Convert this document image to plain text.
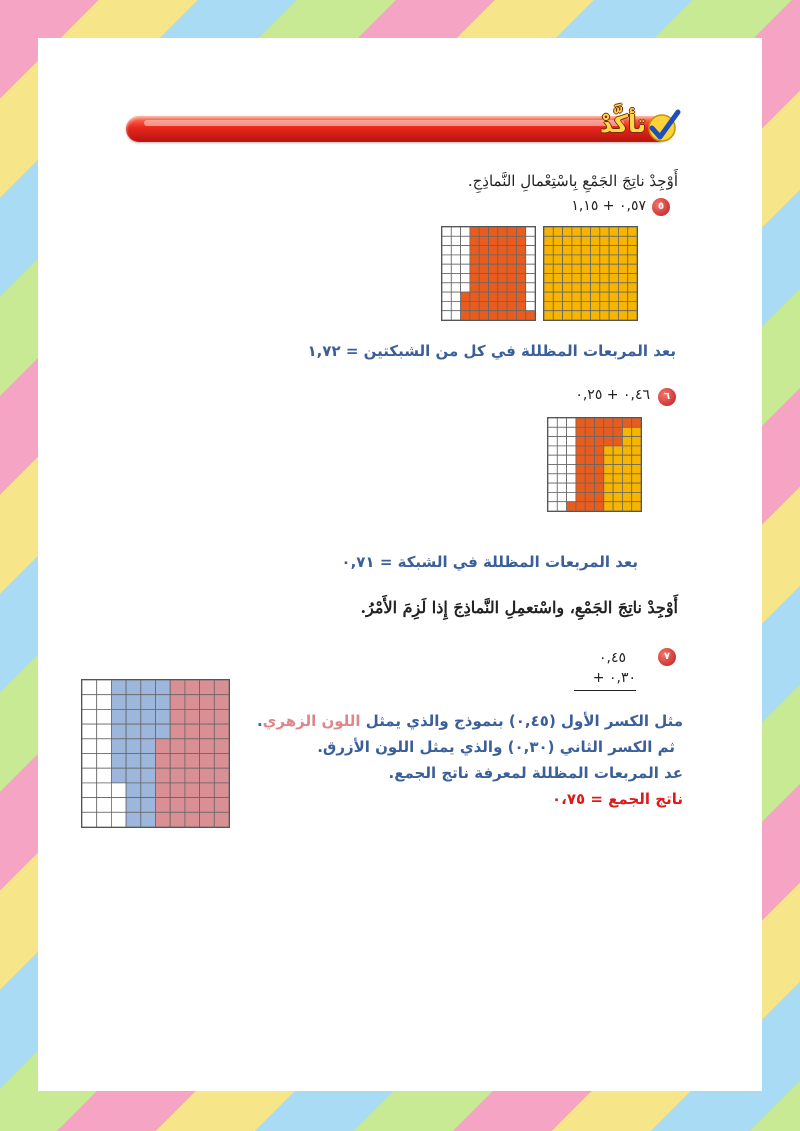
تأكَّدْ
أَوْجِدْ ناتِجَ الجَمْعِ بِاسْتِعْمالِ النَّماذِجِ.
٥
٠,٥٧ + ١,١٥
بعد المربعات المظللة في كل من الشبكتين = ١,٧٢
٦
٠,٤٦ + ٠,٢٥
بعد المربعات المظللة في الشبكة = ٠,٧١
أَوْجِدْ ناتِجَ الجَمْعِ، واسْتعمِلِ النَّماذِجَ إِذا لَزِمَ الأَمْرُ.
٧
٠,٤٥
٠,٣٠ +
مثل الكسر الأول (٠,٤٥) بنموذج والذي يمثل اللون الزهري.
ثم الكسر الثاني (٠,٣٠) والذي يمثل اللون الأزرق.
عد المربعات المظللة لمعرفة ناتج الجمع.
ناتج الجمع = ٠،٧٥
